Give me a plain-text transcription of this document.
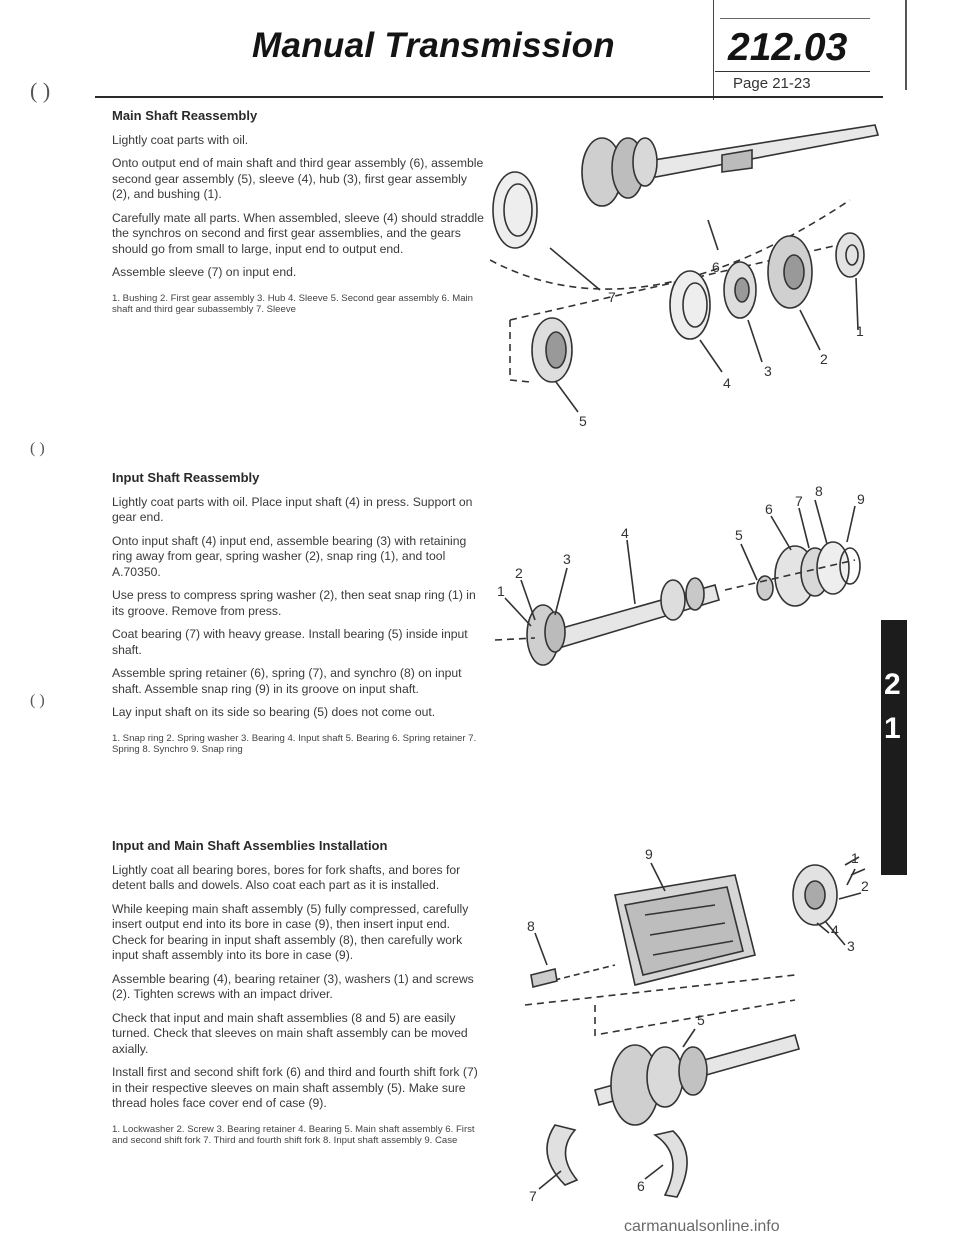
Manual Transmission	212.03
Page 21-23
( )
( )
( )
Main Shaft Reassembly

Lightly coat parts with oil.

Onto output end of main shaft and third gear assembly (6), assemble second gear assembly (5), sleeve (4), hub (3), first gear assembly (2), and bushing (1).

Carefully mate all parts. When assembled, sleeve (4) should straddle the synchros on second and first gear assemblies, and the gears should go from small to large, input end to output end.

Assemble sleeve (7) on input end.

1. Bushing 2. First gear assembly 3. Hub 4. Sleeve 5. Second gear assembly 6. Main shaft and third gear subassembly 7. Sleeve
Input Shaft Reassembly

Lightly coat parts with oil. Place input shaft (4) in press. Support on gear end.

Onto input shaft (4) input end, assemble bearing (3) with retaining ring away from gear, spring washer (2), snap ring (1), and tool A.70350.

Use press to compress spring washer (2), then seat snap ring (1) in its groove. Remove from press.

Coat bearing (7) with heavy grease. Install bearing (5) inside input shaft.

Assemble spring retainer (6), spring (7), and synchro (8) on input shaft. Assemble snap ring (9) in its groove on input shaft.

Lay input shaft on its side so bearing (5) does not come out.

1. Snap ring 2. Spring washer 3. Bearing 4. Input shaft 5. Bearing 6. Spring retainer 7. Spring 8. Synchro 9. Snap ring
Input and Main Shaft Assemblies Installation

Lightly coat all bearing bores, bores for fork shafts, and bores for detent balls and dowels. Also coat each part as it is installed.

While keeping main shaft assembly (5) fully compressed, carefully insert output end into its bore in case (9), then insert input end. Check for bearing in input shaft assembly (8), then carefully work input shaft assembly into its bore in case (9).

Assemble bearing (4), bearing retainer (3), washers (1) and screws (2). Tighten screws with an impact driver.

Check that input and main shaft assemblies (8 and 5) are easily turned. Check that sleeves on main shaft assembly can be moved axially.

Install first and second shift fork (6) and third and fourth shift fork (7) in their respective sleeves on main shaft assembly (5). Make sure thread holes face cover end of case (9).

1. Lockwasher 2. Screw 3. Bearing retainer 4. Bearing 5. Main shaft assembly 6. First and second shift fork 7. Third and fourth shift fork 8. Input shaft assembly 9. Case
6
7
1
2
3
4
5
1
2
3
4	5
6 7
8 9
9	1
2
8	4
3
5
7
6
2
1
carmanualsonline.info
